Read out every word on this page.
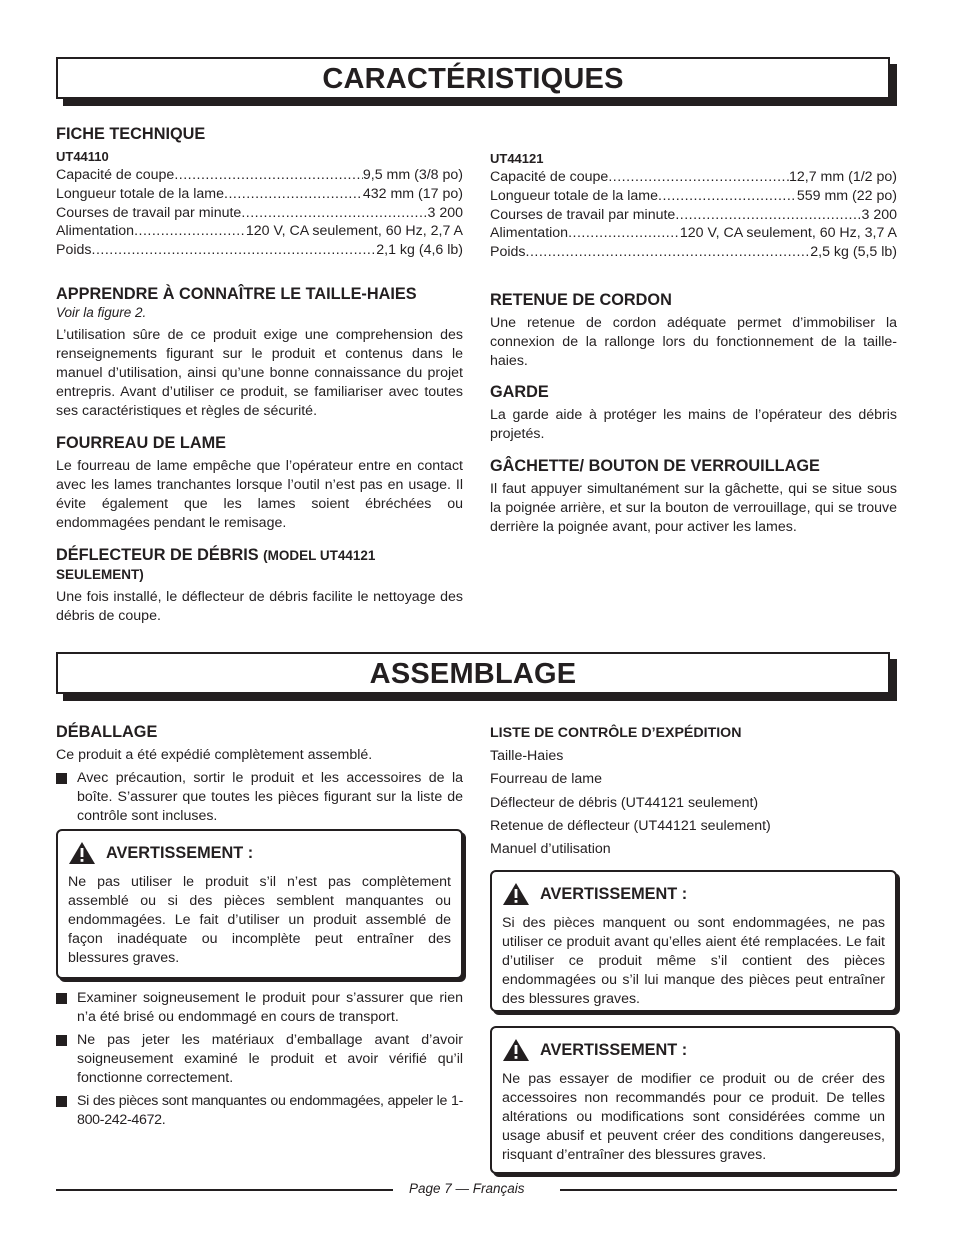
CARACTÉRISTIQUES
FICHE TECHNIQUE
UT44110
Capacité de coupe .....	9,5 mm (3/8 po)
Longueur totale de la lame .....	432 mm (17 po)
Courses de travail par minute .....	3 200
Alimentation .....	120 V, CA seulement, 60 Hz, 2,7 A
Poids .....	2,1 kg (4,6 lb)
UT44121
Capacité de coupe .....	12,7 mm (1/2 po)
Longueur totale de la lame .....	559 mm (22 po)
Courses de travail par minute .....	3 200
Alimentation .....	120 V, CA seulement, 60 Hz, 3,7 A
Poids .....	2,5 kg (5,5 lb)
APPRENDRE À CONNAÎTRE LE TAILLE-HAIES
Voir la figure 2.

L’utilisation sûre de ce produit exige une comprehension des renseignements figurant sur le produit et contenus dans le manuel d’utilisation, ainsi qu’une bonne connaissance du projet entrepris. Avant d’utiliser ce produit, se familiariser avec toutes ses caractéristiques et règles de sécurité.

FOURREAU DE LAME

Le fourreau de lame empêche que l’opérateur entre en contact avec les lames tranchantes lorsque l’outil n’est pas en usage. Il évite également que les lames soient ébréchées ou endommagées pendant le remisage.

DÉFLECTEUR DE DÉBRIS (MODEL UT44121
SEULEMENT)

Une fois installé, le déflecteur de débris facilite le nettoyage des débris de coupe.

RETENUE DE CORDON

Une retenue de cordon adéquate permet d’immobiliser la connexion de la rallonge lors du fonctionnement de la taille-haies.

GARDE

La garde aide à protéger les mains de l’opérateur des débris projetés.

GÂCHETTE/ BOUTON DE VERROUILLAGE

Il faut appuyer simultanément sur la gâchette, qui se situe sous la poignée arrière, et sur la bouton de verrouillage, qui se trouve derrière la poignée avant, pour activer les lames.

ASSEMBLAGE
DÉBALLAGE

Ce produit a été expédié complètement assemblé.

Avec précaution, sortir le produit et les accessoires de la boîte. S’assurer que toutes les pièces figurant sur la liste de contrôle sont incluses.
AVERTISSEMENT :

Ne pas utiliser le produit s’il n’est pas complètement assemblé ou si des pièces semblent manquantes ou endommagées. Le fait d’utiliser un produit assemblé de façon inadéquate ou incomplète peut entraîner des blessures graves.

Examiner soigneusement le produit pour s’assurer que rien n’a été brisé ou endommagé en cours de transport.
Ne pas jeter les matériaux d’emballage avant d’avoir soigneusement examiné le produit et avoir vérifié qu’il fonctionne correctement.
Si des pièces sont manquantes ou endommagées, appeler le 1-800-242-4672.
LISTE DE CONTRÔLE D’EXPÉDITION
Taille-Haies
Fourreau de lame
Déflecteur de débris (UT44121 seulement)
Retenue de déflecteur (UT44121 seulement)
Manuel d’utilisation
AVERTISSEMENT :

Si des pièces manquent ou sont endommagées, ne pas utiliser ce produit avant qu’elles aient été remplacées. Le fait d’utiliser ce produit même s’il contient des pièces endommagées ou s’il lui manque des pièces peut entraîner des blessures graves.

AVERTISSEMENT :

Ne pas essayer de modifier ce produit ou de créer des accessoires non recommandés pour ce produit. De telles altérations ou modifications sont considérées comme un usage abusif et peuvent créer des conditions dangereuses, risquant d’entraîner des blessures graves.

Page 7 — Français
